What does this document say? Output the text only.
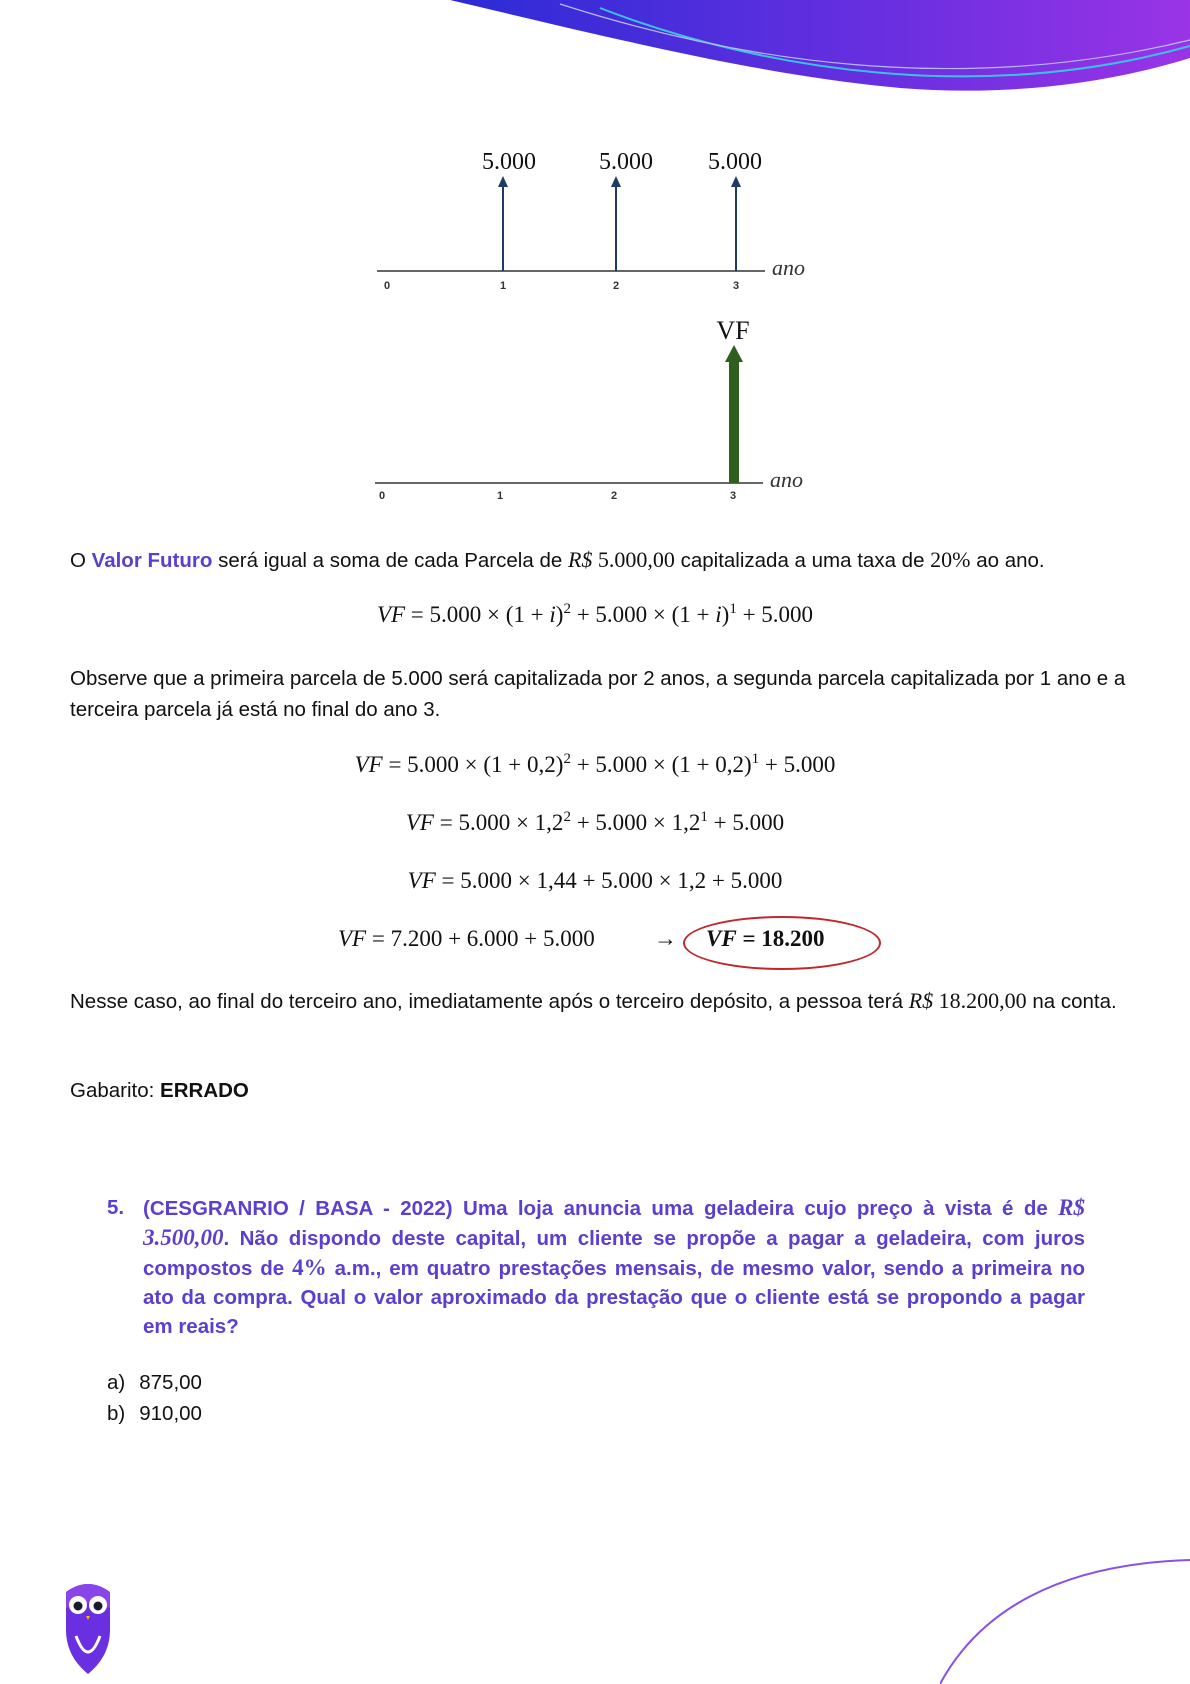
5.000	5.000 5.000
0	1	2	3
ano
VF
0	1	2	3
ano
O Valor Futuro será igual a soma de cada Parcela de R$ 5.000,00 capitalizada a uma taxa de 20% ao ano.
VF = $5.000 \times (1 + i)^2 + 5.000 \times (1 + i)^1 + 5.000$
Observe que a primeira parcela de 5.000 será capitalizada por 2 anos, a segunda parcela capitalizada por 1 ano e a terceira parcela já está no final do ano 3.
VF = $5.000 \times (1 + 0,2)^2 + 5.000 \times (1 + 0,2)^1 + 5.000$
VF = $5.000 \times 1,2^2 + 5.000 \times 1,2^1 + 5.000$
VF = 5.000 × 1,44 + 5.000 × 1,2 + 5.000
VF = 7.200 + 6.000 + 5.000	→ VF = 18.200
Nesse caso, ao final do terceiro ano, imediatamente após o terceiro depósito, a pessoa terá R$ 18.200,00 na conta.
Gabarito: ERRADO
5. (CESGRANRIO / BASA - 2022) Uma loja anuncia uma geladeira cujo preço à vista é de R$ 3.500,00. Não dispondo deste capital, um cliente se propõe a pagar a geladeira, com juros compostos de 4% a.m., em quatro prestações mensais, de mesmo valor, sendo a primeira no ato da compra. Qual o valor aproximado da prestação que o cliente está se propondo a pagar em reais?
a) 875,00
b) 910,00
